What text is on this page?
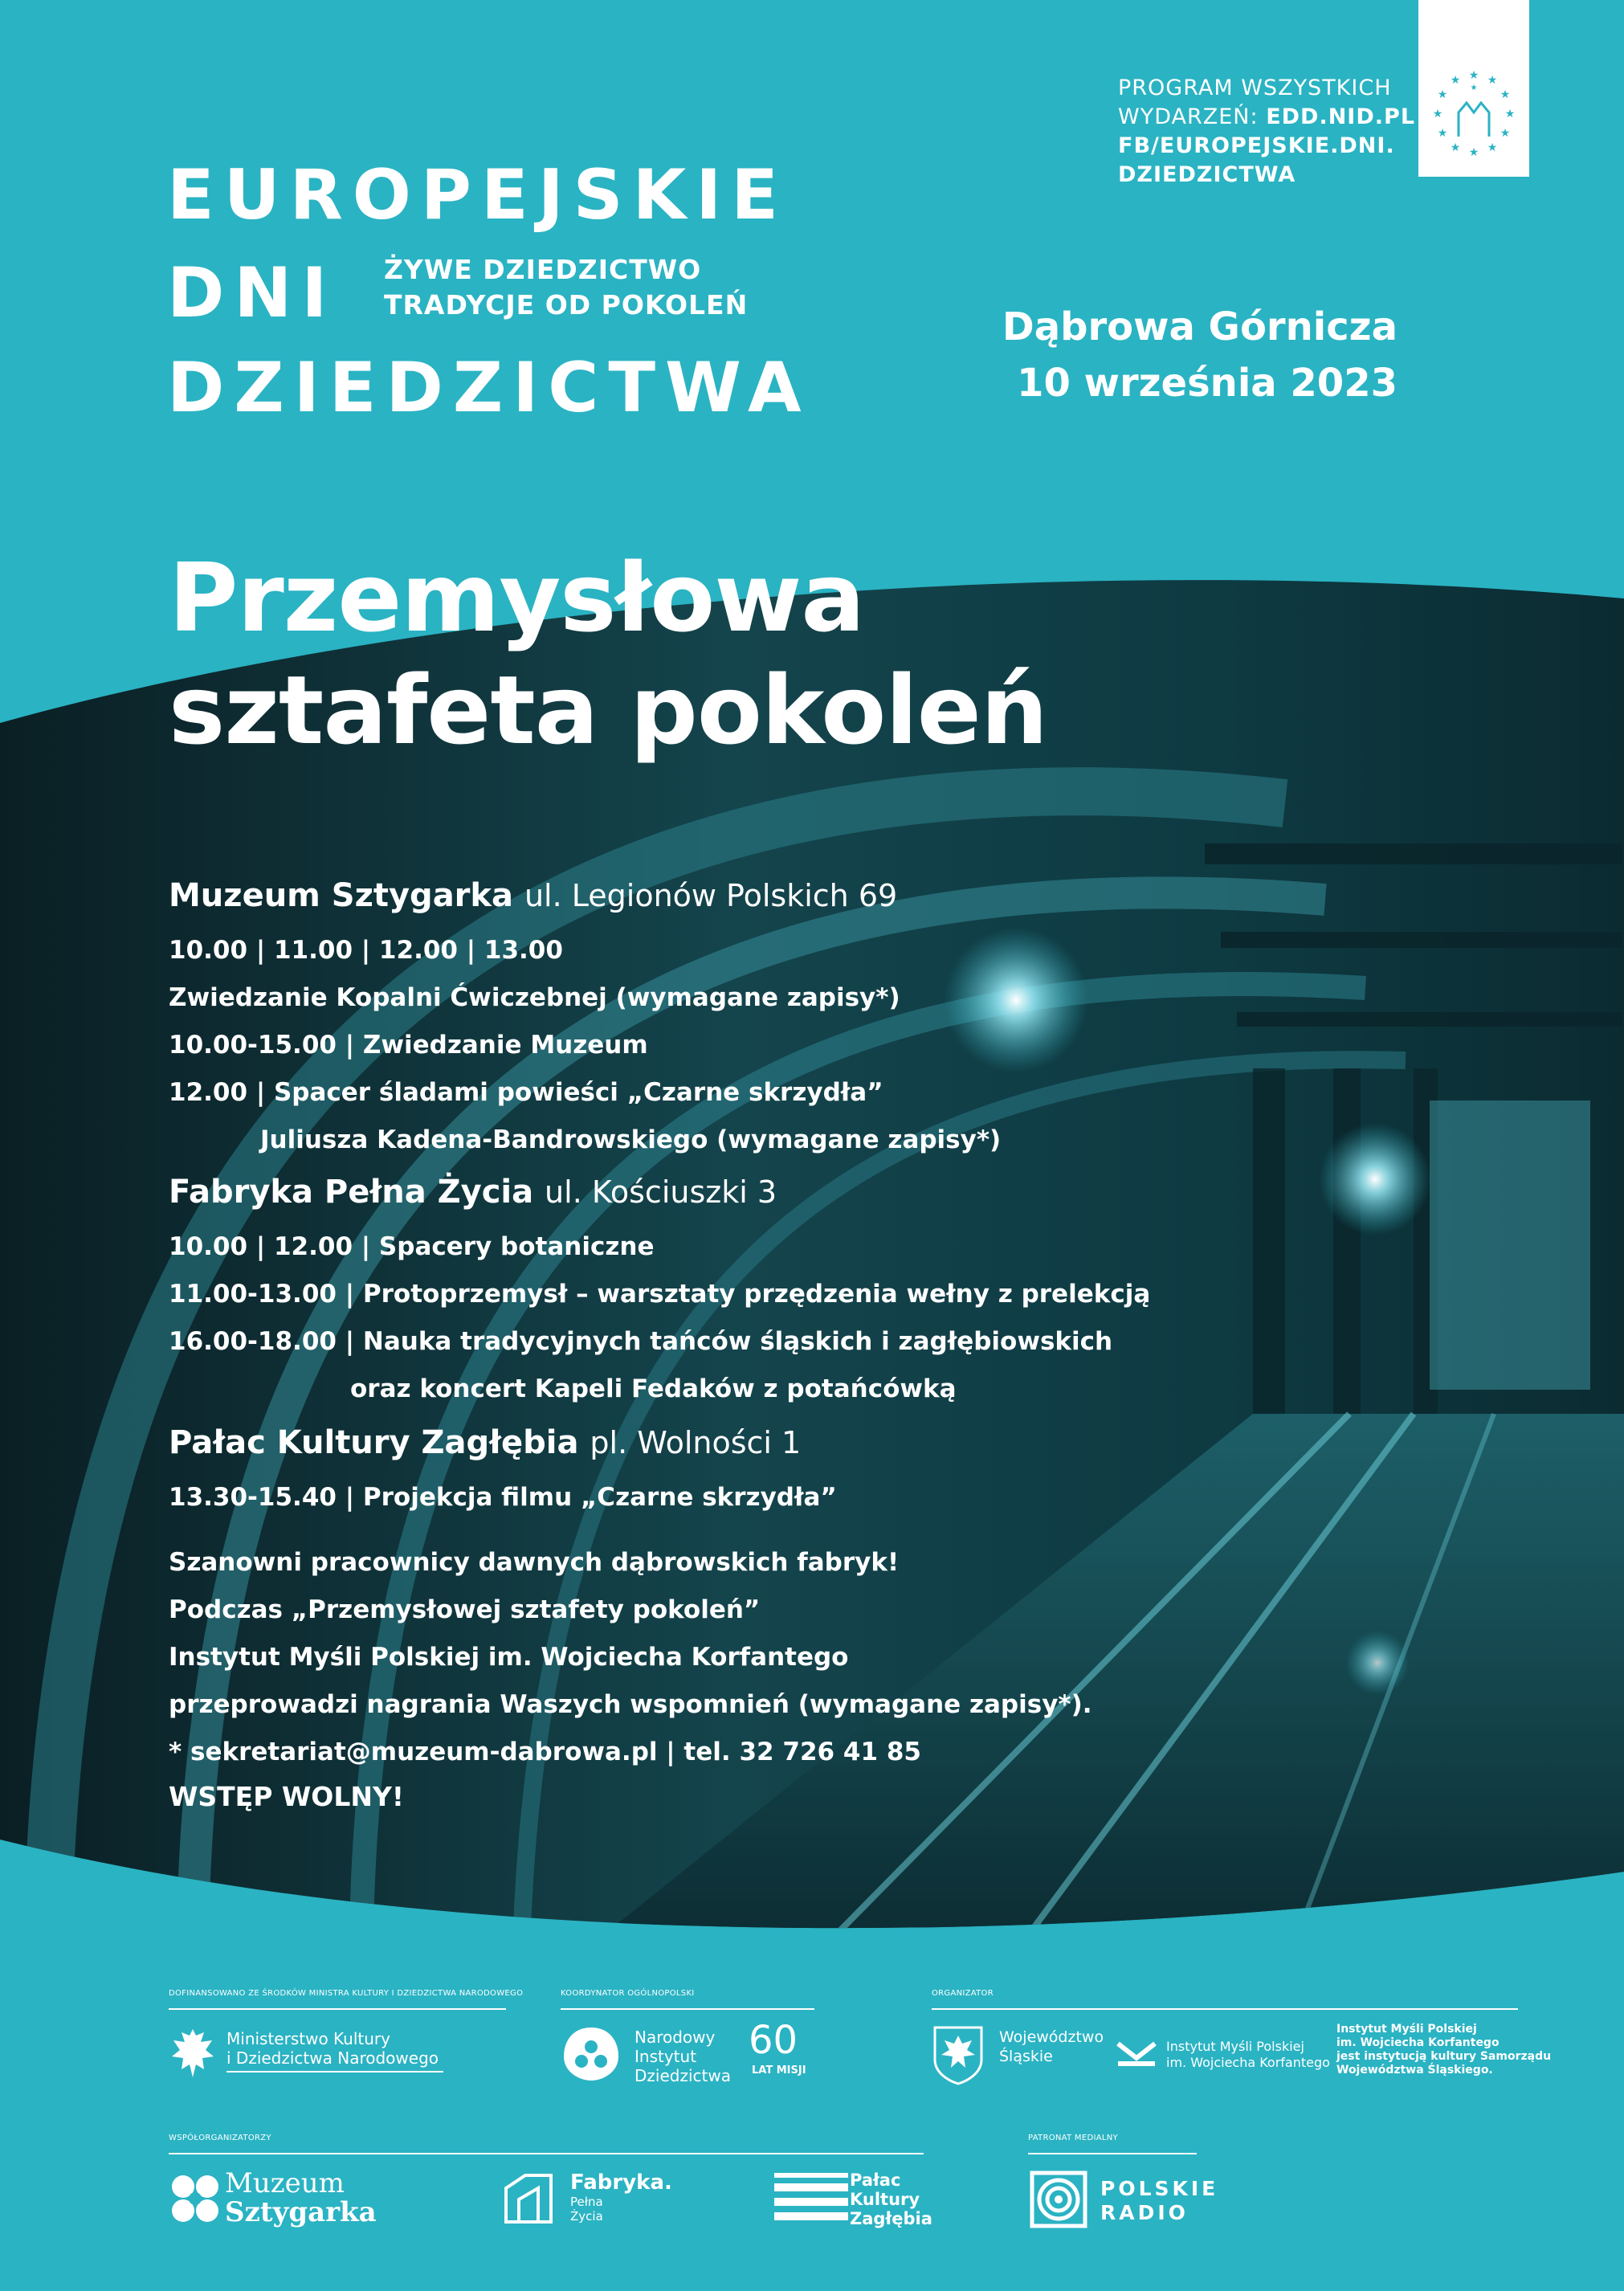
EUROPEJSKIE
DNI
DZIEDZICTWA
ŻYWE DZIEDZICTWO
TRADYCJE OD POKOLEŃ
PROGRAM WSZYSTKICH
WYDARZEŃ: EDD.NID.PL
FB/EUROPEJSKIE.DNI.
DZIEDZICTWA
★
★ ★
★
★
★
★
★
★
★
★
★
★
Dąbrowa Górnicza
10 września 2023
Przemysłowa
sztafeta pokoleń
Muzeum Sztygarka ul. Legionów Polskich 69
10.00 | 11.00 | 12.00 | 13.00
Zwiedzanie Kopalni Ćwiczebnej (wymagane zapisy*)
10.00-15.00 | Zwiedzanie Muzeum
12.00 | Spacer śladami powieści „Czarne skrzydła”
Juliusza Kadena-Bandrowskiego (wymagane zapisy*)
Fabryka Pełna Życia ul. Kościuszki 3
10.00 | 12.00 | Spacery botaniczne
11.00-13.00 | Protoprzemysł – warsztaty przędzenia wełny z prelekcją
16.00-18.00 | Nauka tradycyjnych tańców śląskich i zagłębiowskich
oraz koncert Kapeli Fedaków z potańcówką
Pałac Kultury Zagłębia pl. Wolności 1
13.30-15.40 | Projekcja filmu „Czarne skrzydła”
Szanowni pracownicy dawnych dąbrowskich fabryk!
Podczas „Przemysłowej sztafety pokoleń”
Instytut Myśli Polskiej im. Wojciecha Korfantego
przeprowadzi nagrania Waszych wspomnień (wymagane zapisy*).
* sekretariat@muzeum-dabrowa.pl | tel. 32 726 41 85
WSTĘP WOLNY!
DOFINANSOWANO ZE ŚRODKÓW MINISTRA KULTURY I DZIEDZICTWA NARODOWEGO	KOORDYNATOR OGÓLNOPOLSKI	ORGANIZATOR
Ministerstwo Kultury
i Dziedzictwa Narodowego
Narodowy
Instytut
Dziedzictwa
60
LAT MISJI
Województwo
Śląskie
Instytut Myśli Polskiej
im. Wojciecha Korfantego
Instytut Myśli Polskiej
im. Wojciecha Korfantego
jest instytucją kultury Samorządu
Województwa Śląskiego.
WSPÓŁORGANIZATORZY	PATRONAT MEDIALNY
Muzeum
Sztygarka
Fabryka.
Pełna
Życia
Pałac
Kultury
Zagłębia
POLSKIE
RADIO
